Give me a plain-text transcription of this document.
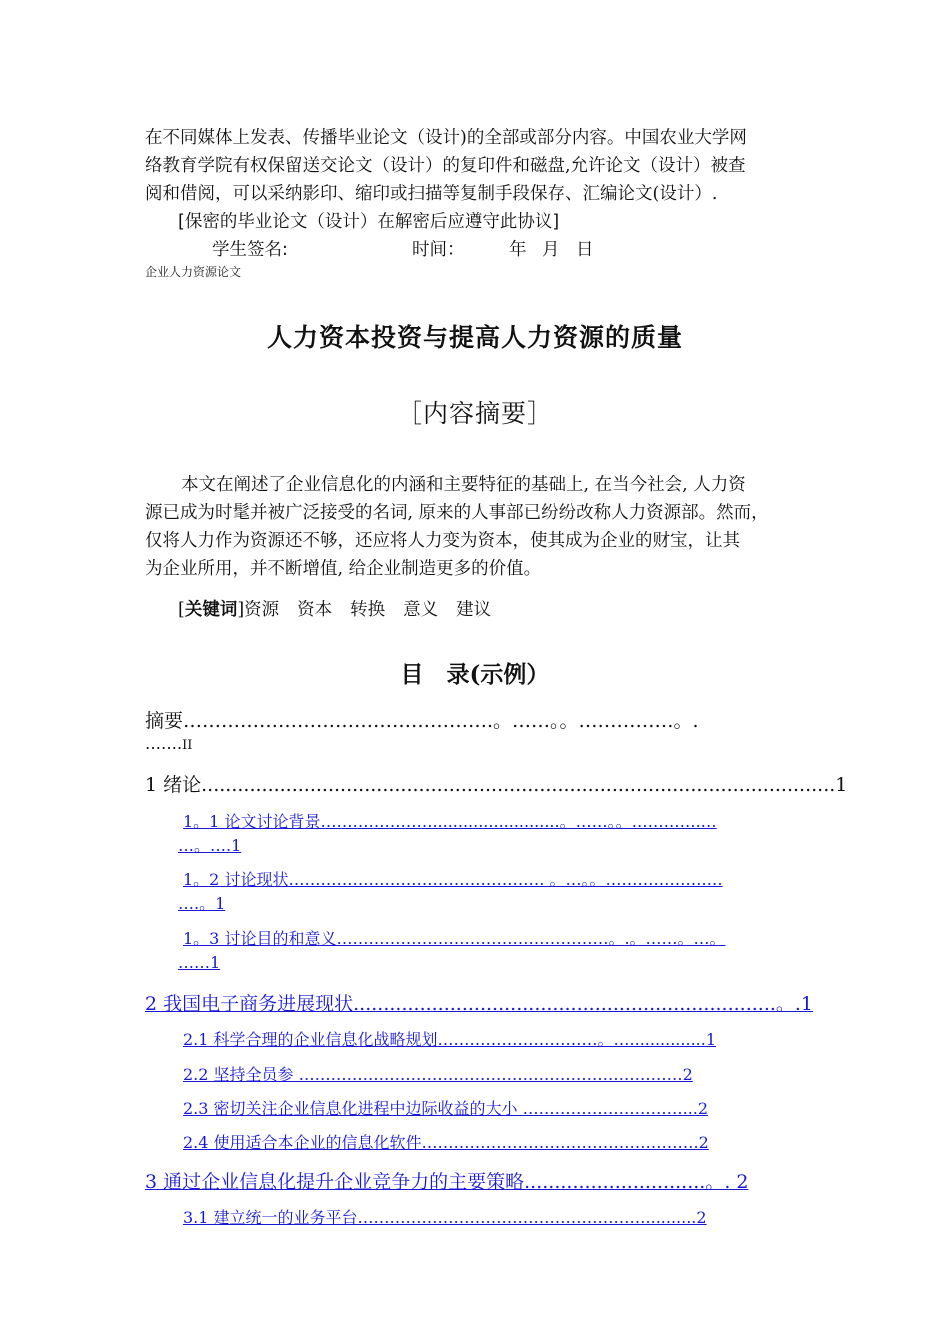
在不同媒体上发表、传播毕业论文（设计)的全部或部分内容。中国农业大学网
络教育学院有权保留送交论文（设计）的复印件和磁盘,允许论文（设计）被查
阅和借阅，可以采纳影印、缩印或扫描等复制手段保存、汇编论文(设计）.
[保密的毕业论文（设计）在解密后应遵守此协议]
学生签名:	时间：	年 月 日
企业人力资源论文
人力资本投资与提高人力资源的质量
［内容摘要］
本文在阐述了企业信息化的内涵和主要特征的基础上, 在当今社会, 人力资
源已成为时髦并被广泛接受的名词, 原来的人事部已纷纷改称人力资源部。然而，
仅将人力作为资源还不够，还应将人力变为资本，使其成为企业的财宝，让其
为企业所用，并不断增值, 给企业制造更多的价值。
[关键词]资源 资本 转换 意义 建议
目　录(示例）
摘要………………………………………….。……。。……………。.
…….II
1 绪论.........................................................................................................1
1。1 论文讨论背景………………….........................。……。。………….…
…。….1
1。2 讨论现状………………………………………… 。…。。……………….…
….。1
1。3 讨论目的和意义……………………………………………。.。……。…。
……1
2 我国电子商务进展现状......................................................................。.1
2.1 科学合理的企业信息化战略规划…………………………。…...............1
2.2 坚持全员参 ………………………………………………………………2
2.3 密切关注企业信息化进程中边际收益的大小 …………………………...2
2.4 使用适合本企业的信息化软件…………………………………………….2
3 通过企业信息化提升企业竞争力的主要策略..............................。. 2
3.1 建立统一的业务平台………………………………………………..........2
